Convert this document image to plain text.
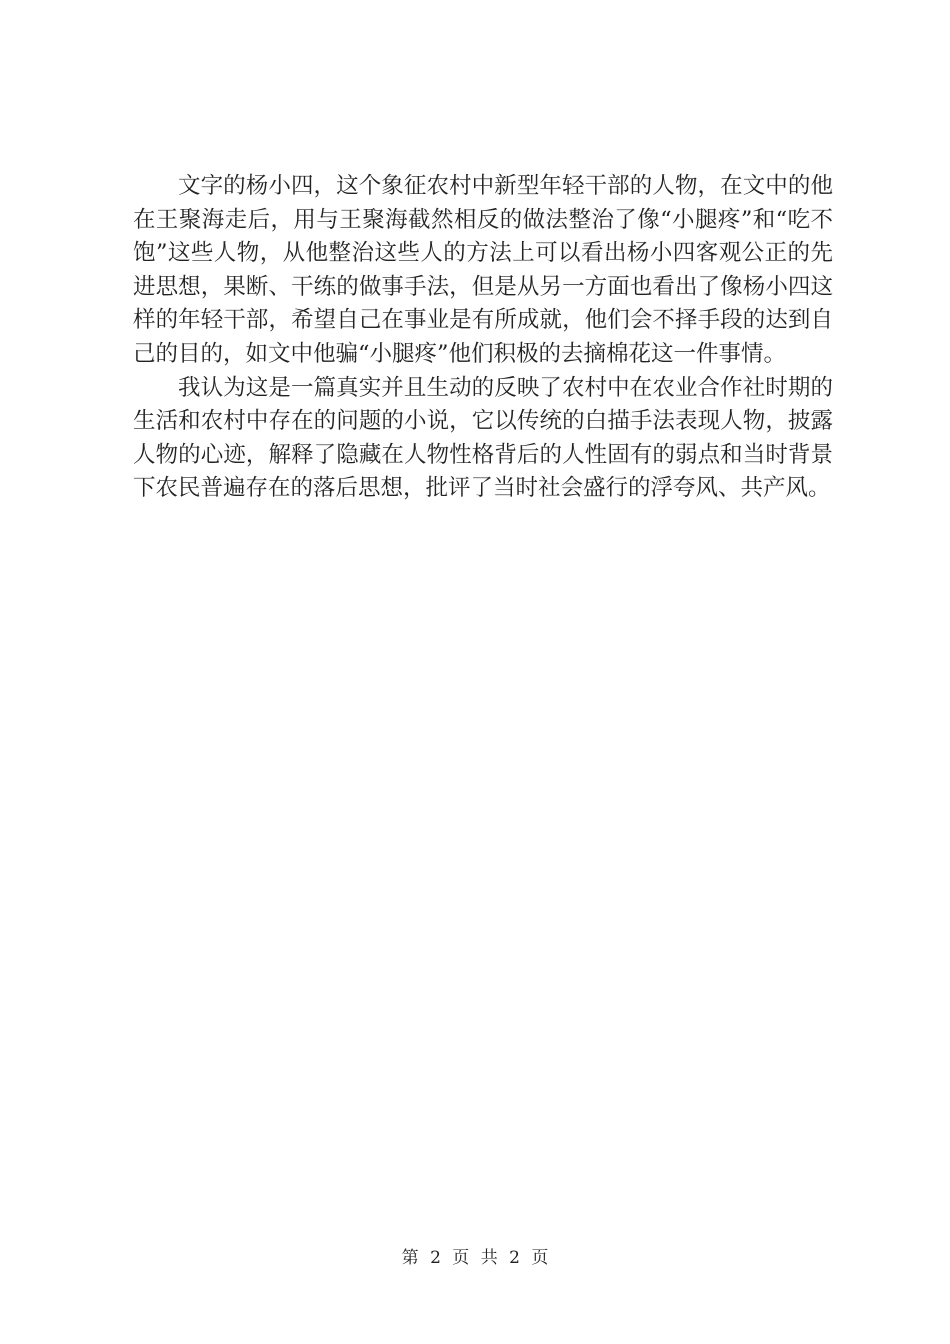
文字的杨小四，这个象征农村中新型年轻干部的人物，在文中的他在王聚海走后，用与王聚海截然相反的做法整治了像“小腿疼”和“吃不饱”这些人物，从他整治这些人的方法上可以看出杨小四客观公正的先进思想，果断、干练的做事手法，但是从另一方面也看出了像杨小四这样的年轻干部，希望自己在事业是有所成就，他们会不择手段的达到自己的目的，如文中他骗“小腿疼”他们积极的去摘棉花这一件事情。

我认为这是一篇真实并且生动的反映了农村中在农业合作社时期的生活和农村中存在的问题的小说，它以传统的白描手法表现人物，披露人物的心迹，解释了隐藏在人物性格背后的人性固有的弱点和当时背景下农民普遍存在的落后思想，批评了当时社会盛行的浮夸风、共产风。

第 2 页 共 2 页
